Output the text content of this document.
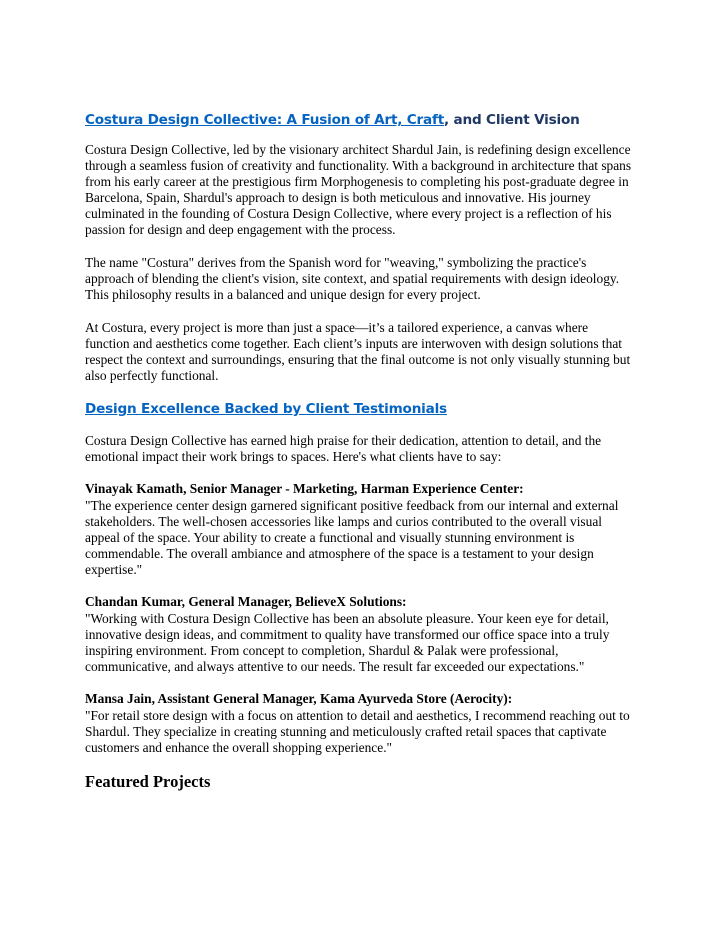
Costura Design Collective: A Fusion of Art, Craft, and Client Vision

Costura Design Collective, led by the visionary architect Shardul Jain, is redefining design excellence through a seamless fusion of creativity and functionality. With a background in architecture that spans from his early career at the prestigious firm Morphogenesis to completing his post-graduate degree in Barcelona, Spain, Shardul's approach to design is both meticulous and innovative. His journey culminated in the founding of Costura Design Collective, where every project is a reflection of his passion for design and deep engagement with the process.

The name "Costura" derives from the Spanish word for "weaving," symbolizing the practice's approach of blending the client's vision, site context, and spatial requirements with design ideology. This philosophy results in a balanced and unique design for every project.

At Costura, every project is more than just a space—it’s a tailored experience, a canvas where function and aesthetics come together. Each client’s inputs are interwoven with design solutions that respect the context and surroundings, ensuring that the final outcome is not only visually stunning but also perfectly functional.

Design Excellence Backed by Client Testimonials

Costura Design Collective has earned high praise for their dedication, attention to detail, and the emotional impact their work brings to spaces. Here's what clients have to say:

Vinayak Kamath, Senior Manager - Marketing, Harman Experience Center:
"The experience center design garnered significant positive feedback from our internal and external stakeholders. The well-chosen accessories like lamps and curios contributed to the overall visual appeal of the space. Your ability to create a functional and visually stunning environment is commendable. The overall ambiance and atmosphere of the space is a testament to your design expertise."

Chandan Kumar, General Manager, BelieveX Solutions:
"Working with Costura Design Collective has been an absolute pleasure. Your keen eye for detail, innovative design ideas, and commitment to quality have transformed our office space into a truly inspiring environment. From concept to completion, Shardul & Palak were professional, communicative, and always attentive to our needs. The result far exceeded our expectations."

Mansa Jain, Assistant General Manager, Kama Ayurveda Store (Aerocity):
"For retail store design with a focus on attention to detail and aesthetics, I recommend reaching out to Shardul. They specialize in creating stunning and meticulously crafted retail spaces that captivate customers and enhance the overall shopping experience."

Featured Projects
